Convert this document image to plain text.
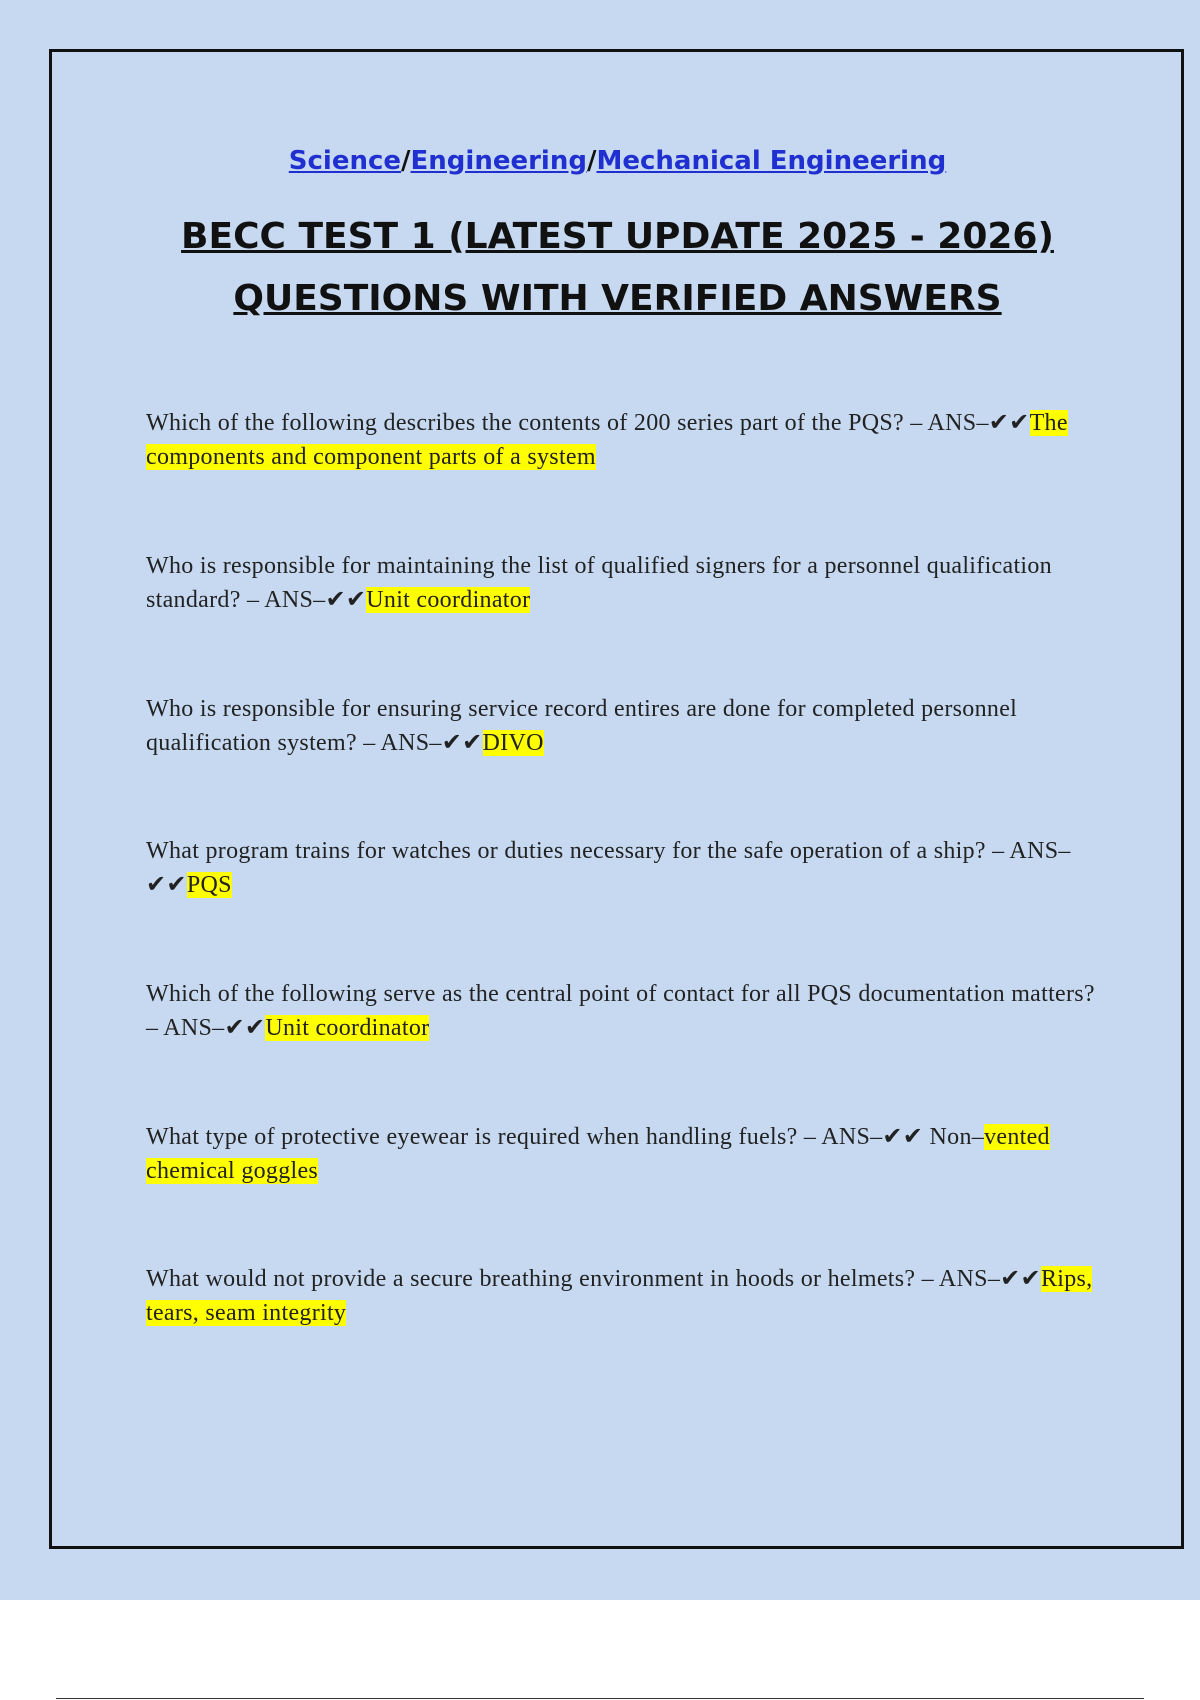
Science/Engineering/Mechanical Engineering
BECC TEST 1 (LATEST UPDATE 2025 - 2026)
QUESTIONS WITH VERIFIED ANSWERS
Which of the following describes the contents of 200 series part of the PQS? – ANS–✔✔The components and component parts of a system
Who is responsible for maintaining the list of qualified signers for a personnel qualification standard? – ANS–✔✔Unit coordinator
Who is responsible for ensuring service record entires are done for completed personnel qualification system? – ANS–✔✔DIVO
What program trains for watches or duties necessary for the safe operation of a ship? – ANS–✔✔PQS
Which of the following serve as the central point of contact for all PQS documentation matters? – ANS–✔✔Unit coordinator
What type of protective eyewear is required when handling fuels? – ANS–✔✔ Non–vented chemical goggles
What would not provide a secure breathing environment in hoods or helmets? – ANS–✔✔Rips, tears, seam integrity
